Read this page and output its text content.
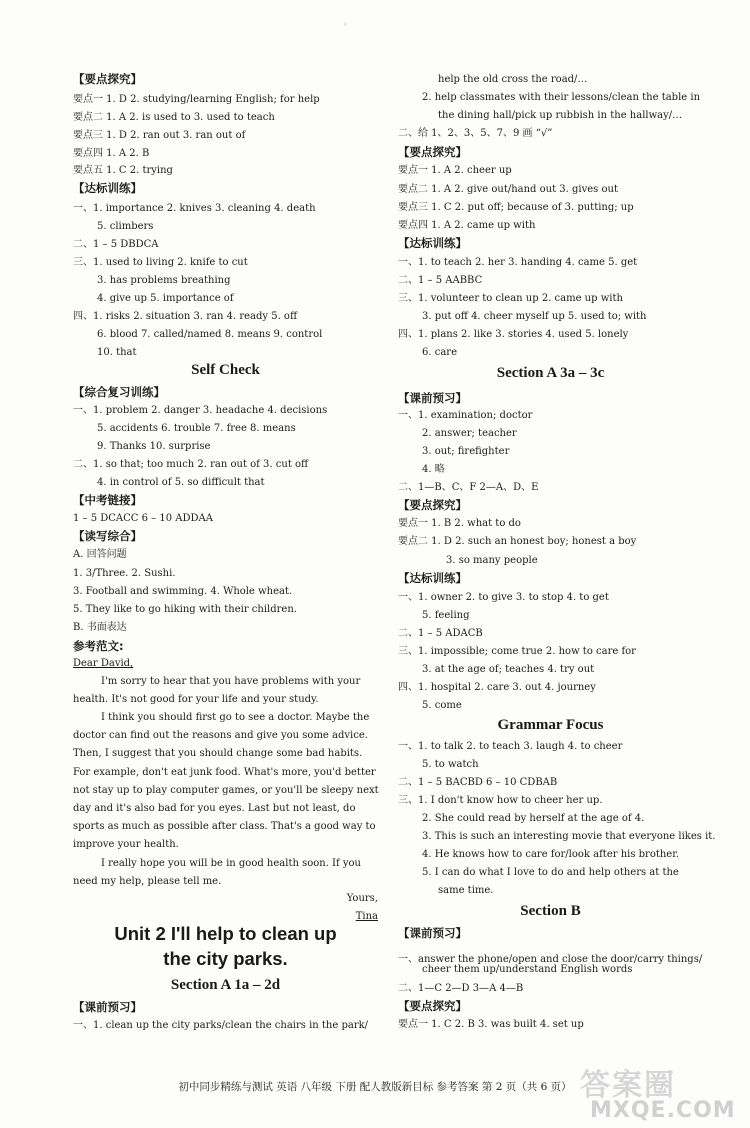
·
【要点探究】
要点一 1. D 2. studying/learning English; for help
要点二 1. A 2. is used to 3. used to teach
要点三 1. D 2. ran out 3. ran out of
要点四 1. A 2. B
要点五 1. C 2. trying
【达标训练】
一、1. importance 2. knives 3. cleaning 4. death
5. climbers
二、1 – 5 DBDCA
三、1. used to living 2. knife to cut
3. has problems breathing
4. give up 5. importance of
四、1. risks 2. situation 3. ran 4. ready 5. off
6. blood 7. called/named 8. means 9. control
10. that
Self Check
【综合复习训练】
一、1. problem 2. danger 3. headache 4. decisions
5. accidents 6. trouble 7. free 8. means
9. Thanks 10. surprise
二、1. so that; too much 2. ran out of 3. cut off
4. in control of 5. so difficult that
【中考链接】
1 – 5 DCACC 6 – 10 ADDAA
【读写综合】
A. 回答问题
1. 3/Three. 2. Sushi.
3. Football and swimming. 4. Whole wheat.
5. They like to go hiking with their children.
B. 书面表达
参考范文:
Dear David,
I'm sorry to hear that you have problems with your
health. It's not good for your life and your study.
I think you should first go to see a doctor. Maybe the
doctor can find out the reasons and give you some advice.
Then, I suggest that you should change some bad habits.
For example, don't eat junk food. What's more, you'd better
not stay up to play computer games, or you'll be sleepy next
day and it's also bad for you eyes. Last but not least, do
sports as much as possible after class. That's a good way to
improve your health.
I really hope you will be in good health soon. If you
need my help, please tell me.
Yours,
Tina
Unit 2 I'll help to clean up
the city parks.
Section A 1a – 2d
【课前预习】
一、1. clean up the city parks/clean the chairs in the park/
help the old cross the road/…
2. help classmates with their lessons/clean the table in
the dining hall/pick up rubbish in the hallway/…
二、给 1、2、3、5、7、9 画 “√”
【要点探究】
要点一 1. A 2. cheer up
要点二 1. A 2. give out/hand out 3. gives out
要点三 1. C 2. put off; because of 3. putting; up
要点四 1. A 2. came up with
【达标训练】
一、1. to teach 2. her 3. handing 4. came 5. get
二、1 – 5 AABBC
三、1. volunteer to clean up 2. came up with
3. put off 4. cheer myself up 5. used to; with
四、1. plans 2. like 3. stories 4. used 5. lonely
6. care
Section A 3a – 3c
【课前预习】
一、1. examination; doctor
2. answer; teacher
3. out; firefighter
4. 略
二、1—B、C、F 2—A、D、E
【要点探究】
要点一 1. B 2. what to do
要点二 1. D 2. such an honest boy; honest a boy
3. so many people
【达标训练】
一、1. owner 2. to give 3. to stop 4. to get
5. feeling
二、1 – 5 ADACB
三、1. impossible; come true 2. how to care for
3. at the age of; teaches 4. try out
四、1. hospital 2. care 3. out 4. journey
5. come
Grammar Focus
一、1. to talk 2. to teach 3. laugh 4. to cheer
5. to watch
二、1 – 5 BACBD 6 – 10 CDBAB
三、1. I don't know how to cheer her up.
2. She could read by herself at the age of 4.
3. This is such an interesting movie that everyone likes it.
4. He knows how to care for/look after his brother.
5. I can do what I love to do and help others at the
same time.
Section B
【课前预习】
一、answer the phone/open and close the door/carry things/
cheer them up/understand English words
二、1—C 2—D 3—A 4—B
【要点探究】
要点一 1. C 2. B 3. was built 4. set up
初中同步精练与测试 英语 八年级 下册 配人教版新目标 参考答案 第 2 页（共 6 页） 答案圈
MXQE.COM
